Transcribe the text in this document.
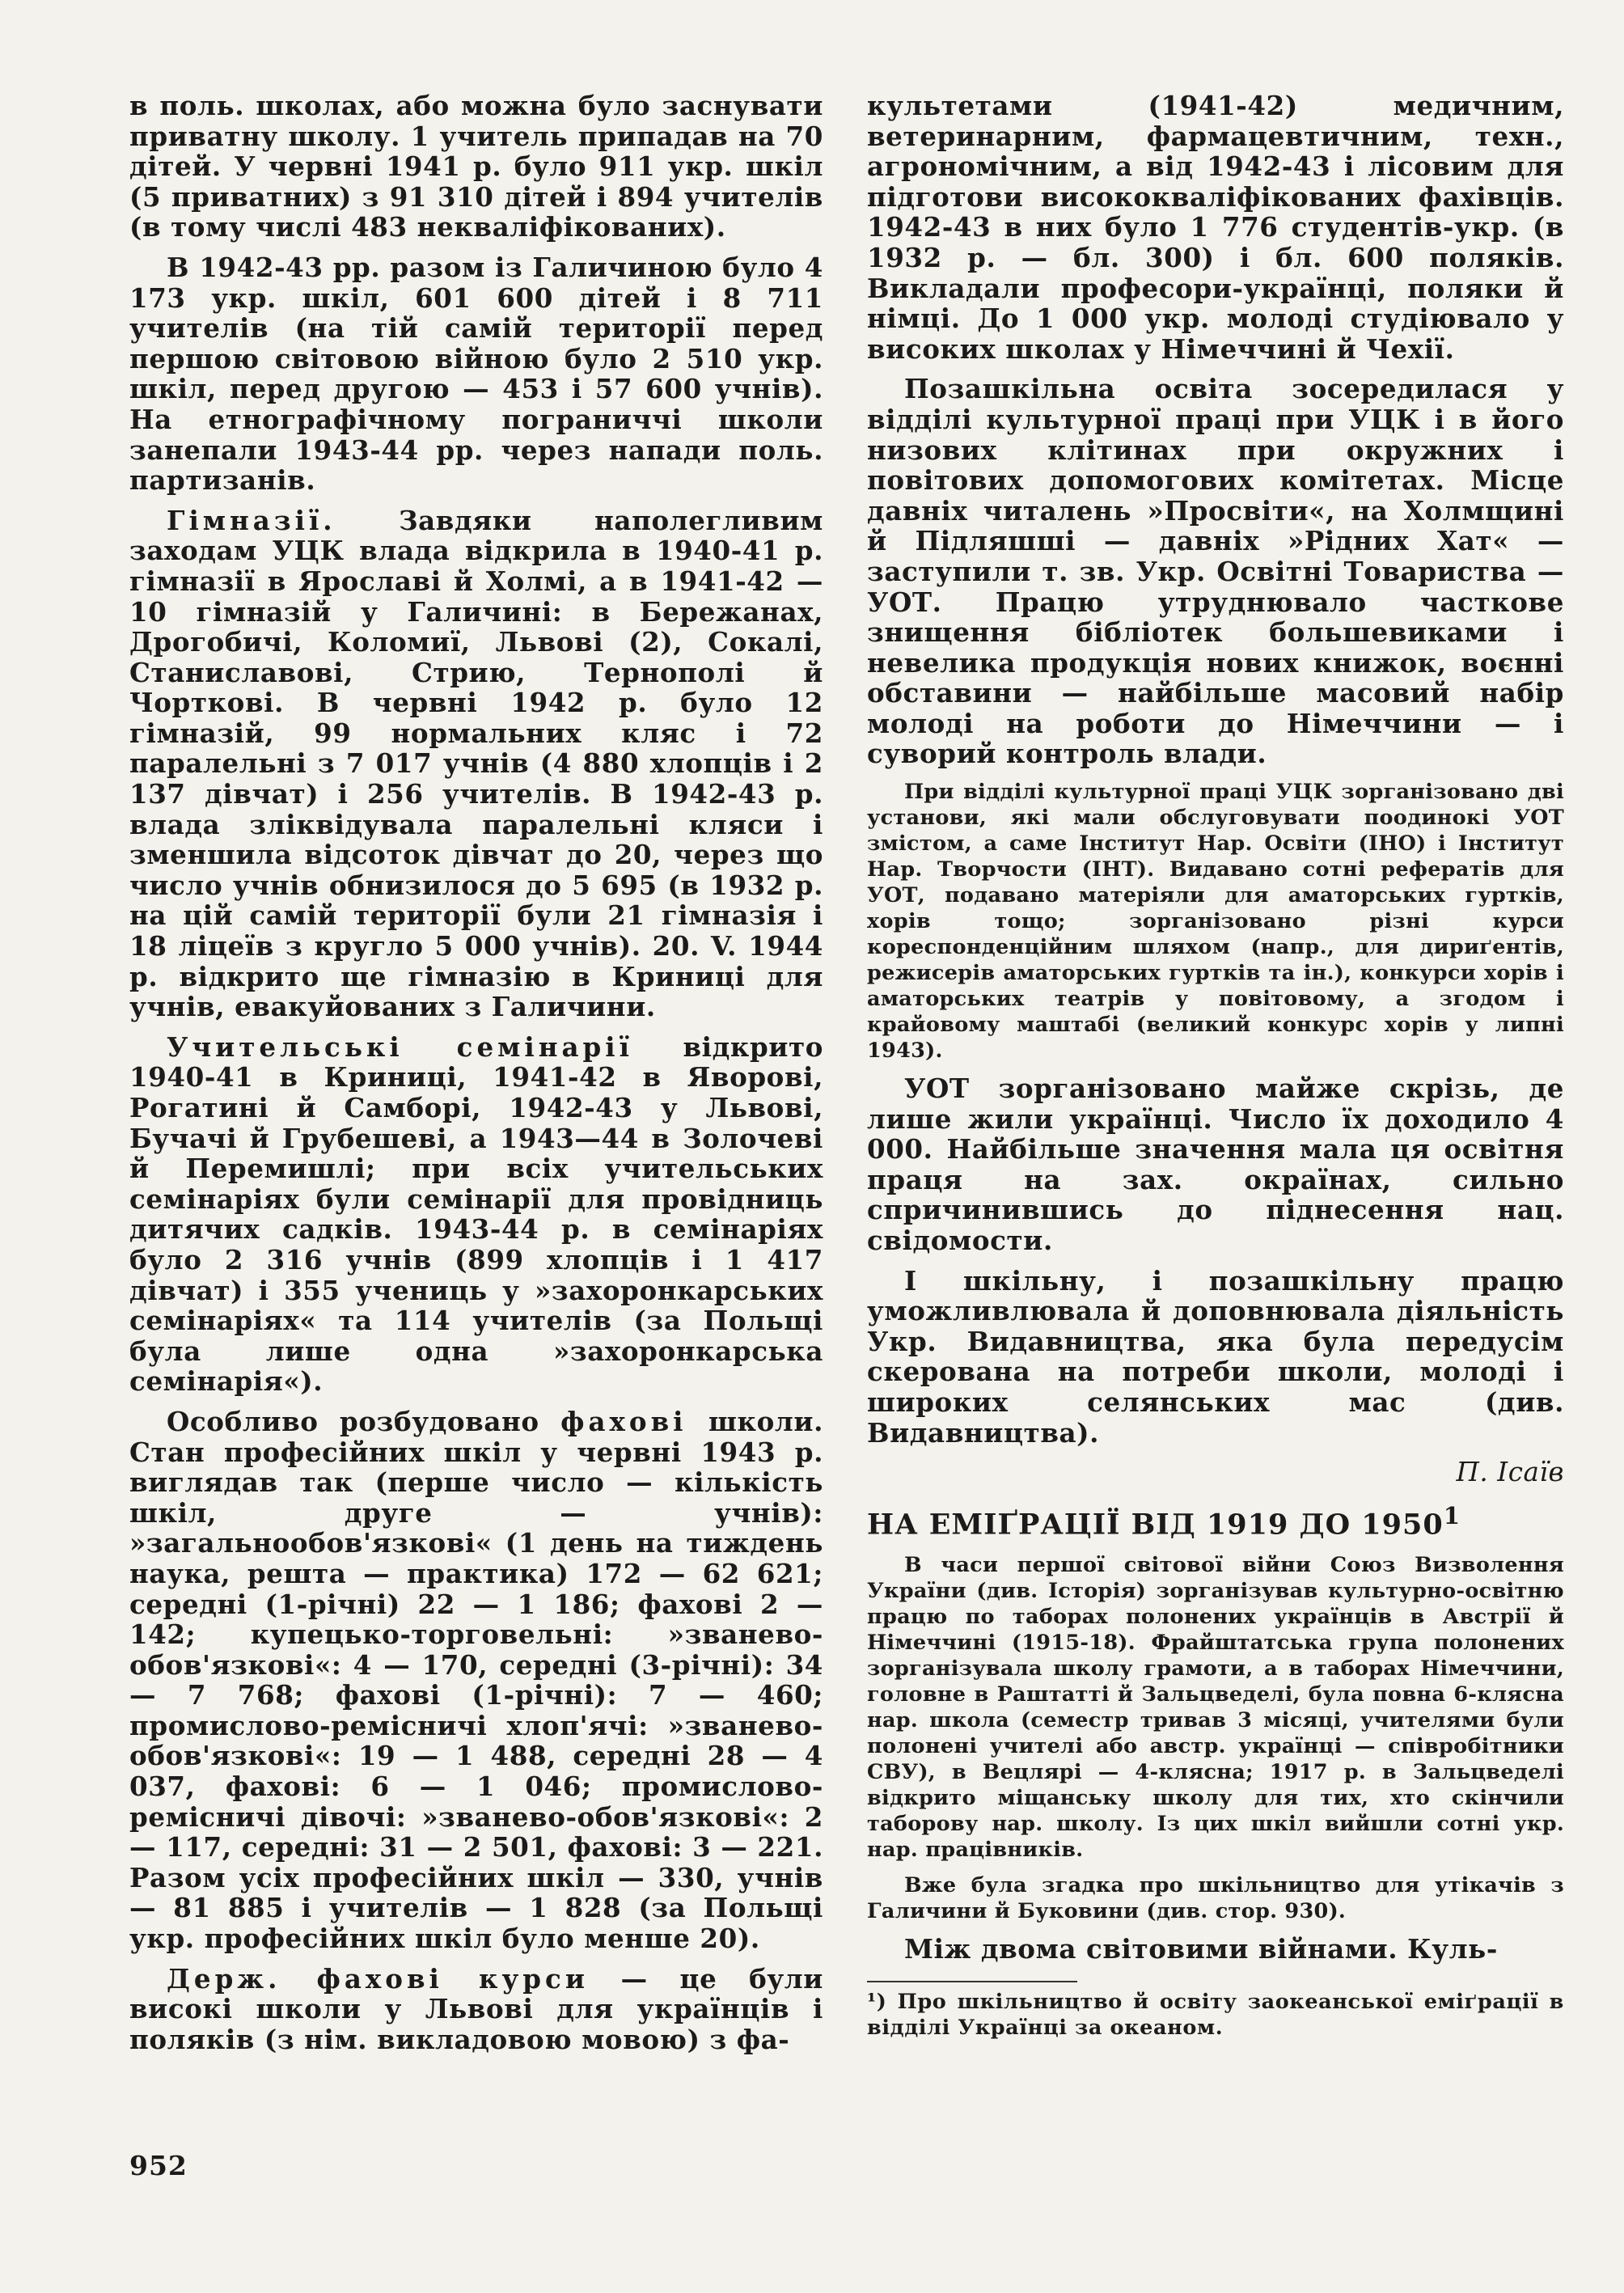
в поль. школах, або можна було заснувати приватну школу. 1 учитель припадав на 70 дітей. У червні 1941 р. було 911 укр. шкіл (5 приватних) з 91 310 дітей і 894 учителів (в тому числі 483 некваліфікованих).

В 1942-43 рр. разом із Галичиною було 4 173 укр. шкіл, 601 600 дітей і 8 711 учителів (на тій самій території перед першою світовою війною було 2 510 укр. шкіл, перед другою — 453 і 57 600 учнів). На етнографічному пограниччі школи занепали 1943-44 рр. через напади поль. партизанів.

Гімназії. Завдяки наполегливим заходам УЦК влада відкрила в 1940-41 р. гімназії в Ярославі й Холмі, а в 1941-42 — 10 гімназій у Галичині: в Бережанах, Дрогобичі, Коломиї, Львові (2), Сокалі, Станиславові, Стрию, Тернополі й Чорткові. В червні 1942 р. було 12 гімназій, 99 нормальних кляс і 72 паралельні з 7 017 учнів (4 880 хлопців і 2 137 дівчат) і 256 учителів. В 1942-43 р. влада зліквідувала паралельні кляси і зменшила відсоток дівчат до 20, через що число учнів обнизилося до 5 695 (в 1932 р. на цій самій території були 21 гімназія і 18 ліцеїв з кругло 5 000 учнів). 20. V. 1944 р. відкрито ще гімназію в Криниці для учнів, евакуйованих з Галичини.

Учительські семінарії відкрито 1940-41 в Криниці, 1941-42 в Яворові, Рогатині й Самборі, 1942-43 у Львові, Бучачі й Грубешеві, а 1943—44 в Золочеві й Перемишлі; при всіх учительських семінаріях були семінарії для провідниць дитячих садків. 1943-44 р. в семінаріях було 2 316 учнів (899 хлопців і 1 417 дівчат) і 355 учениць у »захоронкарських семінаріях« та 114 учителів (за Польщі була лише одна »захоронкарська семінарія«).

Особливо розбудовано фахові школи. Стан професійних шкіл у червні 1943 р. виглядав так (перше число — кількість шкіл, друге — учнів): »загальнообов'язкові« (1 день на тиждень наука, решта — практика) 172 — 62 621; середні (1-річні) 22 — 1 186; фахові 2 — 142; купецько-торговельні: »званево-обов'язкові«: 4 — 170, середні (3-річні): 34 — 7 768; фахові (1-річні): 7 — 460; промислово-ремісничі хлоп'ячі: »званево-обов'язкові«: 19 — 1 488, середні 28 — 4 037, фахові: 6 — 1 046; промислово-ремісничі дівочі: »званево-обов'язкові«: 2 — 117, середні: 31 — 2 501, фахові: 3 — 221. Разом усіх професійних шкіл — 330, учнів — 81 885 і учителів — 1 828 (за Польщі укр. професійних шкіл було менше 20).

Держ. фахові курси — це були високі школи у Львові для українців і поляків (з нім. викладовою мовою) з фа-

культетами (1941-42) медичним, ветеринарним, фармацевтичним, техн., агрономічним, а від 1942-43 і лісовим для підготови висококваліфікованих фахівців. 1942-43 в них було 1 776 студентів-укр. (в 1932 р. — бл. 300) і бл. 600 поляків. Викладали професори-українці, поляки й німці. До 1 000 укр. молоді студіювало у високих школах у Німеччині й Чехії.

Позашкільна освіта зосередилася у відділі культурної праці при УЦК і в його низових клітинах при окружних і повітових допомогових комітетах. Місце давніх читалень »Просвіти«, на Холмщині й Підляшші — давніх »Рідних Хат« — заступили т. зв. Укр. Освітні Товариства — УОТ. Працю утруднювало часткове знищення бібліотек большевиками і невелика продукція нових книжок, воєнні обставини — найбільше масовий набір молоді на роботи до Німеччини — і суворий контроль влади.

При відділі культурної праці УЦК зорганізовано дві установи, які мали обслуговувати поодинокі УОТ змістом, а саме Інститут Нар. Освіти (ІНО) і Інститут Нар. Творчости (ІНТ). Видавано сотні рефератів для УОТ, подавано матеріяли для аматорських гуртків, хорів тощо; зорганізовано різні курси кореспонденційним шляхом (напр., для дириґентів, режисерів аматорських гуртків та ін.), конкурси хорів і аматорських театрів у повітовому, а згодом і крайовому маштабі (великий конкурс хорів у липні 1943).

УОТ зорганізовано майже скрізь, де лише жили українці. Число їх доходило 4 000. Найбільше значення мала ця освітня праця на зах. окраїнах, сильно спричинившись до піднесення нац. свідомости.

І шкільну, і позашкільну працю уможливлювала й доповнювала діяльність Укр. Видавництва, яка була передусім скерована на потреби школи, молоді і широких селянських мас (див. Видавництва).

П. Ісаїв

НА ЕМІҐРАЦІЇ ВІД 1919 ДО 1950$^1$

В часи першої світової війни Союз Визволення України (див. Історія) зорганізував культурно-освітню працю по таборах полонених українців в Австрії й Німеччині (1915-18). Фрайштатська група полонених зорганізувала школу грамоти, а в таборах Німеччини, головне в Раштатті й Зальцведелі, була повна 6-клясна нар. школа (семестр тривав 3 місяці, учителями були полонені учителі або австр. українці — співробітники СВУ), в Вецлярі — 4-клясна; 1917 р. в Зальцведелі відкрито міщанську школу для тих, хто скінчили таборову нар. школу. Із цих шкіл вийшли сотні укр. нар. працівників.

Вже була згадка про шкільництво для утікачів з Галичини й Буковини (див. стор. 930).

Між двома світовими війнами. Куль-

¹) Про шкільництво й освіту заокеанської еміґрації в відділі Українці за океаном.

952
